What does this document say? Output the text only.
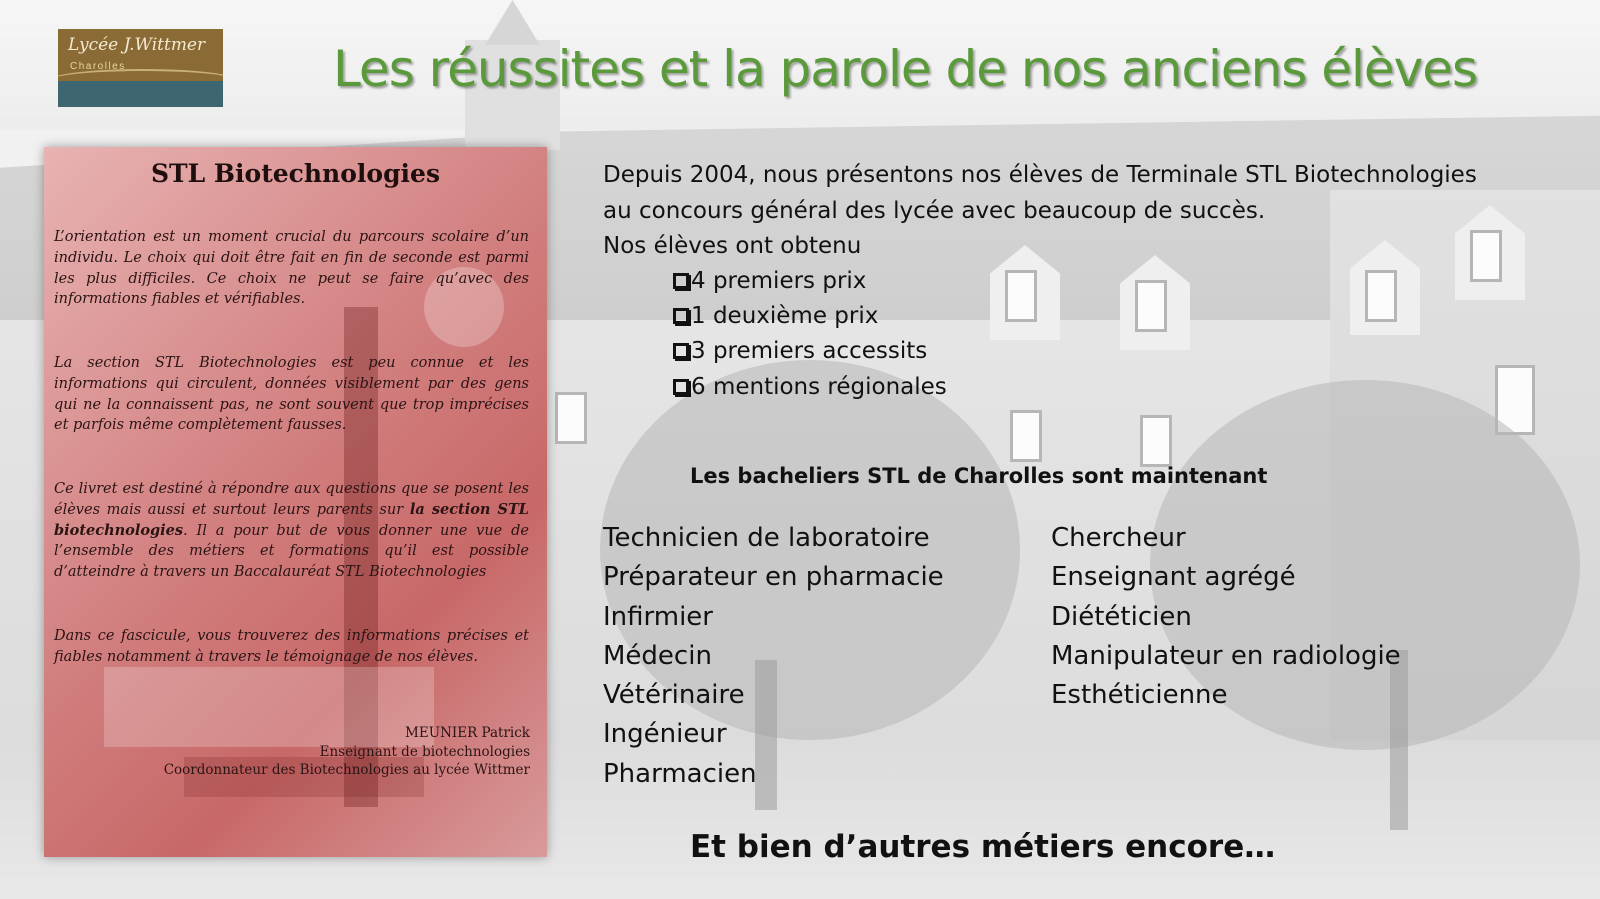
Lycée J.Wittmer
Charolles	Les réussites et la parole de nos anciens élèves
STL Biotechnologies

L’orientation est un moment crucial du parcours scolaire d’un individu. Le choix qui doit être fait en fin de seconde est parmi les plus difficiles. Ce choix ne peut se faire qu’avec des informations fiables et vérifiables.

La section STL Biotechnologies est peu connue et les informations qui circulent, données visiblement par des gens qui ne la connaissent pas, ne sont souvent que trop imprécises et parfois même complètement fausses.

Ce livret est destiné à répondre aux questions que se posent les élèves mais aussi et surtout leurs parents sur la section STL biotechnologies. Il a pour but de vous donner une vue de l’ensemble des métiers et formations qu’il est possible d’atteindre à travers un Baccalauréat STL Biotechnologies

Dans ce fascicule, vous trouverez des informations précises et fiables notamment à travers le témoignage de nos élèves.

MEUNIER Patrick
Enseignant de biotechnologies
Coordonnateur des Biotechnologies au lycée Wittmer
Depuis 2004, nous présentons nos élèves de Terminale STL Biotechnologies
au concours général des lycée avec beaucoup de succès.
Nos élèves ont obtenu
4 premiers prix
1 deuxième prix
3 premiers accessits
6 mentions régionales
Les bacheliers STL de Charolles sont maintenant
Technicien de laboratoire
Préparateur en pharmacie
Infirmier
Médecin
Vétérinaire
Ingénieur
Pharmacien
Chercheur
Enseignant agrégé
Diététicien
Manipulateur en radiologie
Esthéticienne
Et bien d’autres métiers encore…
